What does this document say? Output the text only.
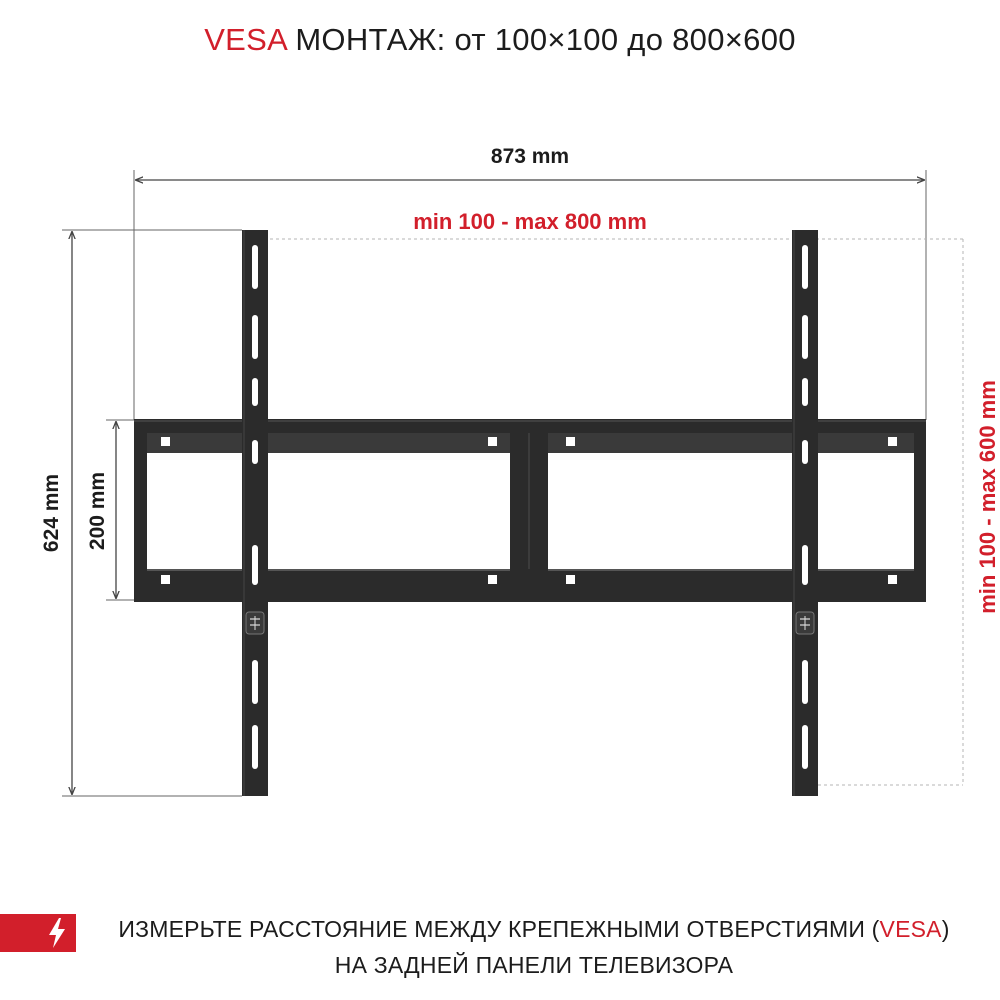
VESA МОНТАЖ: от 100×100 до 800×600
873 mm
min 100 - max 800 mm
624 mm 200 mm	min 100 - max 600 mm
ИЗМЕРЬТЕ РАССТОЯНИЕ МЕЖДУ КРЕПЕЖНЫМИ ОТВЕРСТИЯМИ (VESA)
НА ЗАДНЕЙ ПАНЕЛИ ТЕЛЕВИЗОРА
